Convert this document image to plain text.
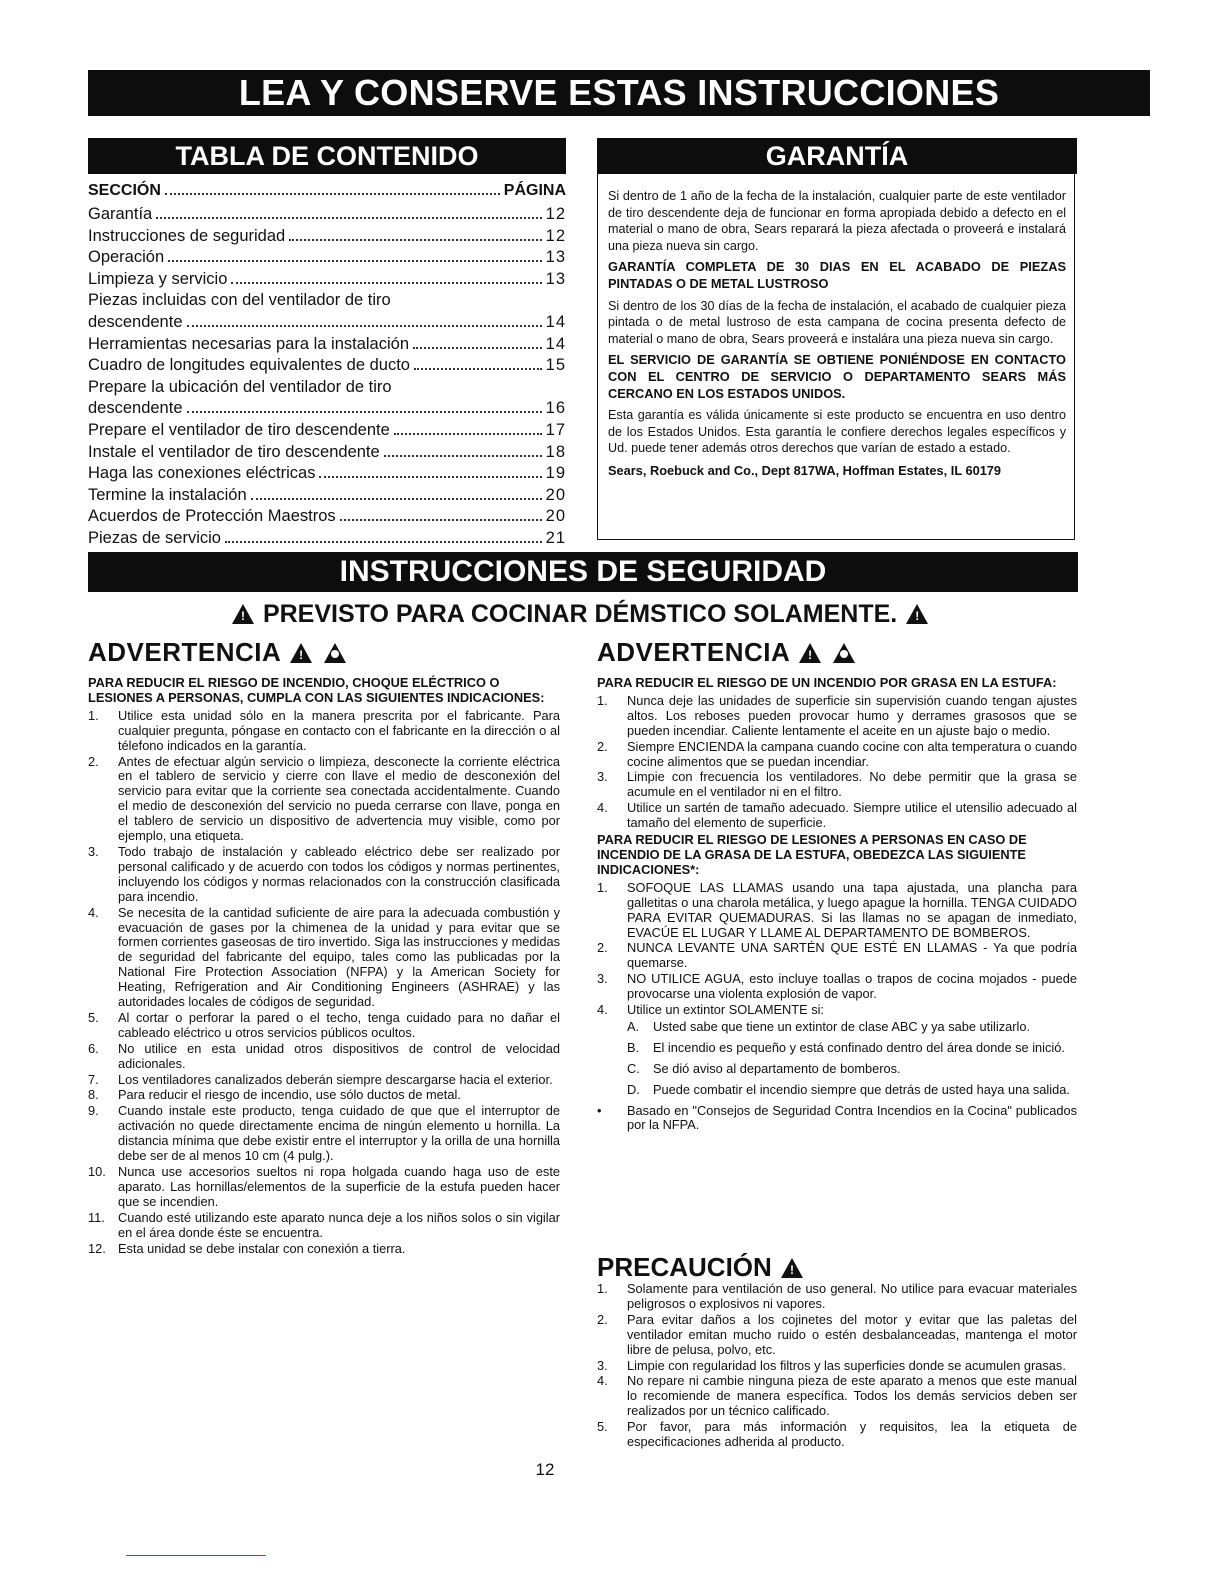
LEA Y CONSERVE ESTAS INSTRUCCIONES
TABLA DE CONTENIDO	GARANTÍA
SECCIÓN	PÁGINA
Garantía	12
Instrucciones de seguridad	12
Operación	13
Limpieza y servicio	13
Piezas incluidas con del ventilador de tiro
descendente	14
Herramientas necesarias para la instalación	14
Cuadro de longitudes equivalentes de ducto	15
Prepare la ubicación del ventilador de tiro
descendente	16
Prepare el ventilador de tiro descendente	17
Instale el ventilador de tiro descendente	18
Haga las conexiones eléctricas	19
Termine la instalación	20
Acuerdos de Protección Maestros	20
Piezas de servicio	21

Si dentro de 1 año de la fecha de la instalación, cualquier parte de este ventilador de tiro descendente deja de funcionar en forma apropiada debido a defecto en el material o mano de obra, Sears reparará la pieza afectada o proveerá e instalará una pieza nueva sin cargo.

GARANTÍA COMPLETA DE 30 DIAS EN EL ACABADO DE PIEZAS PINTADAS O DE METAL LUSTROSO

Si dentro de los 30 días de la fecha de instalación, el acabado de cualquier pieza pintada o de metal lustroso de esta campana de cocina presenta defecto de material o mano de obra, Sears proveerá e instalára una pieza nueva sin cargo.

EL SERVICIO DE GARANTÍA SE OBTIENE PONIÉNDOSE EN CONTACTO CON EL CENTRO DE SERVICIO O DEPARTAMENTO SEARS MÁS CERCANO EN LOS ESTADOS UNIDOS.

Esta garantía es válida únicamente si este producto se encuentra en uso dentro de los Estados Unidos. Esta garantía le confiere derechos legales específicos y Ud. puede tener además otros derechos que varían de estado a estado.

Sears, Roebuck and Co., Dept 817WA, Hoffman Estates, IL 60179

INSTRUCCIONES DE SEGURIDAD
! PREVISTO PARA COCINAR DÉMSTICO SOLAMENTE. !
ADVERTENCIA !	ADVERTENCIA !

PARA REDUCIR EL RIESGO DE INCENDIO, CHOQUE ELÉCTRICO O LESIONES A PERSONAS, CUMPLA CON LAS SIGUIENTES INDICACIONES:

1.	Utilice esta unidad sólo en la manera prescrita por el fabricante. Para cualquier pregunta, póngase en contacto con el fabricante en la dirección o al télefono indicados en la garantía.
2.	Antes de efectuar algún servicio o limpieza, desconecte la corriente eléctrica en el tablero de servicio y cierre con llave el medio de desconexión del servicio para evitar que la corriente sea conectada accidentalmente. Cuando el medio de desconexión del servicio no pueda cerrarse con llave, ponga en el tablero de servicio un dispositivo de advertencia muy visible, como por ejemplo, una etiqueta.
3.	Todo trabajo de instalación y cableado eléctrico debe ser realizado por personal calificado y de acuerdo con todos los códigos y normas pertinentes, incluyendo los códigos y normas relacionados con la construcción clasificada para incendio.
4.	Se necesita de la cantidad suficiente de aire para la adecuada combustión y evacuación de gases por la chimenea de la unidad y para evitar que se formen corrientes gaseosas de tiro invertido. Siga las instrucciones y medidas de seguridad del fabricante del equipo, tales como las publicadas por la National Fire Protection Association (NFPA) y la American Society for Heating, Refrigeration and Air Conditioning Engineers (ASHRAE) y las autoridades locales de códigos de seguridad.
5.	Al cortar o perforar la pared o el techo, tenga cuidado para no dañar el cableado eléctrico u otros servicios públicos ocultos.
6.	No utilice en esta unidad otros dispositivos de control de velocidad adicionales.
7.	Los ventiladores canalizados deberán siempre descargarse hacia el exterior.
8.	Para reducir el riesgo de incendio, use sólo ductos de metal.
9.	Cuando instale este producto, tenga cuidado de que que el interruptor de activación no quede directamente encima de ningún elemento u hornilla. La distancia mínima que debe existir entre el interruptor y la orilla de una hornilla debe ser de al menos 10 cm (4 pulg.).
10. Nunca use accesorios sueltos ni ropa holgada cuando haga uso de este aparato. Las hornillas/elementos de la superficie de la estufa pueden hacer que se incendien.
11.	Cuando esté utilizando este aparato nunca deje a los niños solos o sin vigilar en el área donde éste se encuentra.
12. Esta unidad se debe instalar con conexión a tierra.

PARA REDUCIR EL RIESGO DE UN INCENDIO POR GRASA EN LA ESTUFA:

1.	Nunca deje las unidades de superficie sin supervisión cuando tengan ajustes altos. Los reboses pueden provocar humo y derrames grasosos que se pueden incendiar. Caliente lentamente el aceite en un ajuste bajo o medio.
2.	Siempre ENCIENDA la campana cuando cocine con alta temperatura o cuando cocine alimentos que se puedan incendiar.
3.	Limpie con frecuencia los ventiladores. No debe permitir que la grasa se acumule en el ventilador ni en el filtro.
4.	Utilice un sartén de tamaño adecuado. Siempre utilice el utensilio adecuado al tamaño del elemento de superficie.

PARA REDUCIR EL RIESGO DE LESIONES A PERSONAS EN CASO DE INCENDIO DE LA GRASA DE LA ESTUFA, OBEDEZCA LAS SIGUIENTE INDICACIONES*:

1.	SOFOQUE LAS LLAMAS usando una tapa ajustada, una plancha para galletitas o una charola metálica, y luego apague la hornilla. TENGA CUIDADO PARA EVITAR QUEMADURAS. Si las llamas no se apagan de inmediato, EVACÚE EL LUGAR Y LLAME AL DEPARTAMENTO DE BOMBEROS.
2.	NUNCA LEVANTE UNA SARTÉN QUE ESTÉ EN LLAMAS - Ya que podría quemarse.
3.	NO UTILICE AGUA, esto incluye toallas o trapos de cocina mojados - puede provocarse una violenta explosión de vapor.
4.	Utilice un extintor SOLAMENTE si:
A.	Usted sabe que tiene un extintor de clase ABC y ya sabe utilizarlo.
B.	El incendio es pequeño y está confinado dentro del área donde se inició.
C.	Se dió aviso al departamento de bomberos.
D.	Puede combatir el incendio siempre que detrás de usted haya una salida.
•	Basado en "Consejos de Seguridad Contra Incendios en la Cocina" publicados por la NFPA.
PRECAUCIÓN !
1.	Solamente para ventilación de uso general. No utilice para evacuar materiales peligrosos o explosivos ni vapores.
2.	Para evitar daños a los cojinetes del motor y evitar que las paletas del ventilador emitan mucho ruido o estén desbalanceadas, mantenga el motor libre de pelusa, polvo, etc.
3.	Limpie con regularidad los filtros y las superficies donde se acumulen grasas.
4.	No repare ni cambie ninguna pieza de este aparato a menos que este manual lo recomiende de manera específica. Todos los demás servicios deben ser realizados por un técnico calificado.
5.	Por favor, para más información y requisitos, lea la etiqueta de especificaciones adherida al producto.
12
